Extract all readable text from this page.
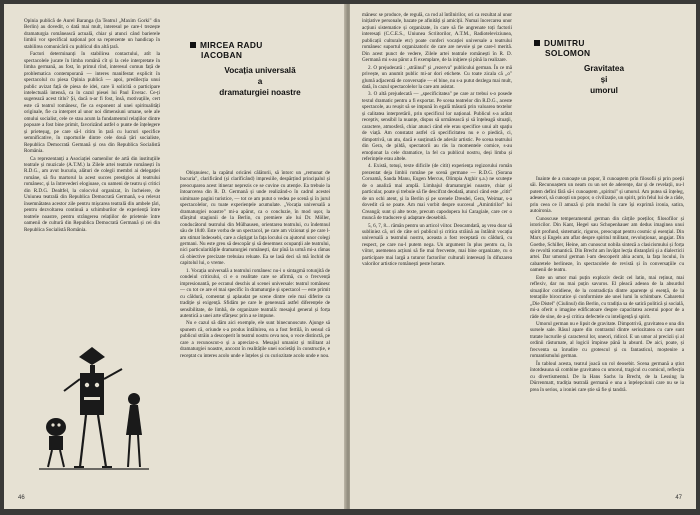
Opinia publică de Aurel Baranga (la Teatrul „Maxim Gorki" din Berlin) au dovedit, o dată mai mult, interesul pe care-l trezește dramaturgia românească actuală, chiar și atunci când barierele limbii vor specifical național pot sa reprezente un handicap în stabilirea comunicării cu publicul din altă țară.

Factori determinanți în stabilirea contactului, atît la spectacolele jucate în limba română cît și la cele interpretate în limba germană, au fost, în primul rînd, interesul comun față de problematica contemporană — interes manifestat explicit în spectacolul cu piesa Opinia publică — apoi, predilecția unui public avizat față de piesa de idei, care îi solicită o participare intelectuală intensă, ca în cazul piesei lui Paul Everac. Ce-ți sugerează acest titlu? Și, dacă n-ar fi fost, însă, motivațiile, cert este că teatrul românesc, fie ca exponent al unei spiritualități originale, fie ca interpret al unor noi dimensiuni umane, sele ale omului socialist, cele ce stau acum la fundamentul relațiilor dintre popoare a fost bine primit, favorizând astfel o punte de înțelegere și prieteșug, pe care să-l citim în țară cu lucruri specifice semnificative, în raporturile dintre cele două țări socialiste, Republica Democrată Germană și cea din Republica Socialistă România.

Ca reprezentanți a Asociației oamenilor de artă din instituțiile teatrale și muzicale (A.T.M.) la Zilele artei teatrale românești în R.D.G., am avut bucuria, alături de colegii membri ai delegației române, să fiu martorul la acest succes prestigios al teatrului românesc, și la întrevederi elogioase, cu oameni de teatru și critici din R.D.G. Dealtfel, la colocviul organizat, în încheiere, de Uniunea teatrală din Republica Democrată Germană, s-a relevat însemnătatea acestor zile pentru mișcarea teatrală din ambele țări, pentru dezvoltarea continuă a schimburilor de experiență între teatrele noastre, pentru strângerea relațiilor de prietenie între oamenii de cultură din Republica Democrată Germană și cei din Republica Socialistă România.

MIRCEA RADU
IACOBAN
Vocația universală
a
dramaturgiei noastre

Obișnuiesc, la capătul oricărei călătorii, să întorc un „remunat de bucuria", clarificând (și clarificând) impresiile, despărțind principalul și preocuparea acest itinerar neprezis ce se cuvine cu atenție. Ea trebuie la întoarcerea din R. D. Germană și unde realizând-o în cadrul acestei uimitoare pagini turistice, — tot ce am putut o vedea pe scenă și în jurul spectacolelor, cu toate experiențele acumulate. „Vocația universală a dramaturgiei noastre" mi-a apărut, ca o concluzie, în mod ușor, la sfârșitul stagiunii de la Berlin, cu premiere ale lui Dr. Möller, conducătorul teatrului din Mülhausen, orientarea teatrului, cu îndemnul său de 1840. Este vorba de un spectacol, pe care am vizionat și pe care l-am stimat îndeosebi, care a câștigat la fața locului cu ajutorul unor colegi germani. Nu este greu să descopăr și să desemnez ocupanții ale teatrului, nici particularitățile dramaturgiei românești, dar pînă la urmă mi-a rămas că obiective precizate trebuiau reluate. Ea se lasă deci să mă închid de capitolul lui, o vreme.

1. Vocația universală a teatrului românesc nu-i o sintagmă rotunjită de condeiul criticului, ci e o realitate care se afirmă, cu o frecvență impresionantă, pe ecranul deschis al scenei universale: teatrul românesc — cu tot ce are el mai specific în dramaturgie și spectacol — este primit cu căldură, comentat și aplaudat pe scene dintre cele mai diferite ca tradiție și exigență. Sfidăm pe care le generează astfel diferențele de sensibilitate, de limbă, de organizare teatrală: mesajul general și forța autentică a unei arte sfârșesc prin a se impune.

Nu e cazul să dăm aici exemple, ele sunt binecunoscute. Ajunge să spunem că, oriunde s-a produs întâlnirea, ea a fost fertilă, în sensul că publicul străin a descoperit în teatrul nostru ceva nou, o voce distinctă, pe care a recunoscut-o și a apreciat-o. Mesajul umanist și militant al dramaturgiei noastre, ancorat în realitățile unei societăți în construcție, e receptat cu interes acolo unde e înțeles și cu curiozitate acolo unde e nou.

46

mânesc se produce, de regulă, ca rod al întîlnirilor, ori ca rezultat al unor inițiative personale, bazate pe afinități și amiciții. Numai încercarea unor acțiuni sistematice și organizate, în care să fie angrenate toți factorii interesați (C.C.E.S., Uniunea Scriitorilor, A.T.M., Radioteleviziunea, publicații culturale etc) poate conferi vocației universale a teatrului românesc suportul organizatoric de care are nevoie și pe care-l merită. Din acest punct de vedere, Zilele artei teatrale românești în R. D. Germană mi s-au părut a fi exemplare, de la inițiere și pînă la realizare.

2. O prejudecată : „străinul" și „rezerva" publicului german. În ce mă privește, un anumit public mi-ar dori etichete. Cu toate zicala că „o" glumă adjacentă de conversație — el bine, nu s-a putut dezlega mai mult, dată, în cazul spectacolelor la care am asistat.

3. O altă prejudecată — „specificitatea" pe care ar trebui s-o posede textul dramatic pentru a fi exportat. Pe scena teatrelor din R.D.G., aceste spectacole, au reușit să se impună în egală măsură prin valoarea textelor și calitatea interpretării, prin specificul lor național. Publicul s-a arătat receptiv, sensibil la nuanțe, dispus să urmărească și să înțeleagă situații, caractere, atmosferă, chiar atunci când ele erau specifice unui alt spațiu de viață. Am constatat astfel că specificitatea nu e o piedică, ci, dimpotrivă, un atu, dacă e susținută de adevăr artistic. Pe scena teatrului din Gera, de pildă, spectatorii au râs la momentele comice, s-au emoționat la cele dramatice, la fel ca publicul nostru, deși limba și referințele erau altele.

4. Există, totuși, texte dificile (de citit) experiența regizorului român prezentat deja limbii române pe scenă germane — R.D.G. (Sorana Coroamă, Sanda Manu, Eugen Mercus, Olimpia Arghir ș.a.) ne scutește de o analiză mai amplă. Limbajul dramaturgiei noastre, chiar și particular, poate și trebuie să fie descifrat deodată, atunci când este „citit" de un ochi atent, și la Berlin și pe scenele Dresdei, Gera, Weimar, s-a dovedit că se poate. Am mai vorbit despre succesul „Amintirilor" lui Creangă; sunt și alte texte, precum capodopera lui Caragiale, care cer o muncă de traducere și adaptare deosebită.

5, 6, 7, 8... rămân pentru un articol viitor. Deocamdată, aș vrea doar să subliniez că, ori de câte ori publicul și critica străină au întâlnit vocația universală a teatrului nostru, aceasta a fost receptată cu căldură, cu respect, pe care nu-l putem nega. Un argument în plus pentru ca, în viitor, asemenea acțiuni să fie mai frecvente, mai bine organizate, cu o participare mai largă a tuturor factorilor culturali interesați în difuzarea valorilor artistice românești peste hotare.

DUMITRU
SOLOMON
Gravitatea
și
umorul

Înainte de a cunoaște un popor, îl cunoaștem prin filosofii și prin poeții săi. Recunoaștem un neam cu un set de aderențe, dar și de revelații, nu-l putem defini fără să-i cunoaștem „spiritul" și umorul. Am putea să înțeleg, adeseori, să cunoști un popor, o civilizație, un spirit, prin felul lui de a râde, prin ceea ce îl amuză și prin modul în care își exprimă ironia, satira, autoironia.

Cunoscuse temperamentul german din cărțile poeților, filosofilor și istoricilor. Din Kant, Hegel sau Schopenhauer am dedus imaginea unui spirit profund, sistematic, riguros, preocupat pentru cosmic și esențial. Din Marx și Engels am aflat despre spiritul militant, revoluționar, angajat. Din Goethe, Schiller, Heine, am cunoscut nobila sinteză a clasicismului și forța de revoltă romantică. Din Brecht am învățat lecția distanțării și a dialecticii artei. Dar umorul german l-am descoperit abia acum, la fața locului, în cabaretele berlineze, în spectacolele de revistă și în conversațiile cu oamenii de teatru.

Este un umor mai puțin exploziv decât cel latin, mai reținut, mai reflexiv, dar nu mai puțin savuros. El pleacă adesea de la absurdul situațiilor cotidiene, de la contradicția dintre aparențe și esență, de la tentațiile birocratice și conformiste ale unei lumi în schimbare. Cabaretul „Die Distel" (Ciulinul) din Berlin, cu tradiția sa de satiră politică și socială, mi-a oferit o imagine edificatoare despre capacitatea acestui popor de a râde de sine, de a-și critica defectele cu inteligență și spirit.

Umorul german nu e lipsit de gravitate. Dimpotrivă, gravitatea e una din sursele sale. Râsul apare din contrastul dintre seriozitatea cu care sunt tratate lucrurile și caracterul lor, uneori, ridicol. E un umor al precizii și al ordinii răsturnate, al logicii împinse până la absurd. De aici, poate, și frecventa sa înrudire cu grotescul și cu fantasticul, moștenire a romantismului german.

În tabloul acesta, teatrul joacă un rol deosebit. Scena germană a știut întotdeauna să combine gravitatea cu umorul, tragicul cu comicul, reflecția cu divertismentul. De la Hans Sachs la Brecht, de la Lessing la Dürrenmatt, tradiția teatrală germană e una a înțelepciunii care nu se ia prea în serios, a ironiei care știe să fie și tandră.

47
